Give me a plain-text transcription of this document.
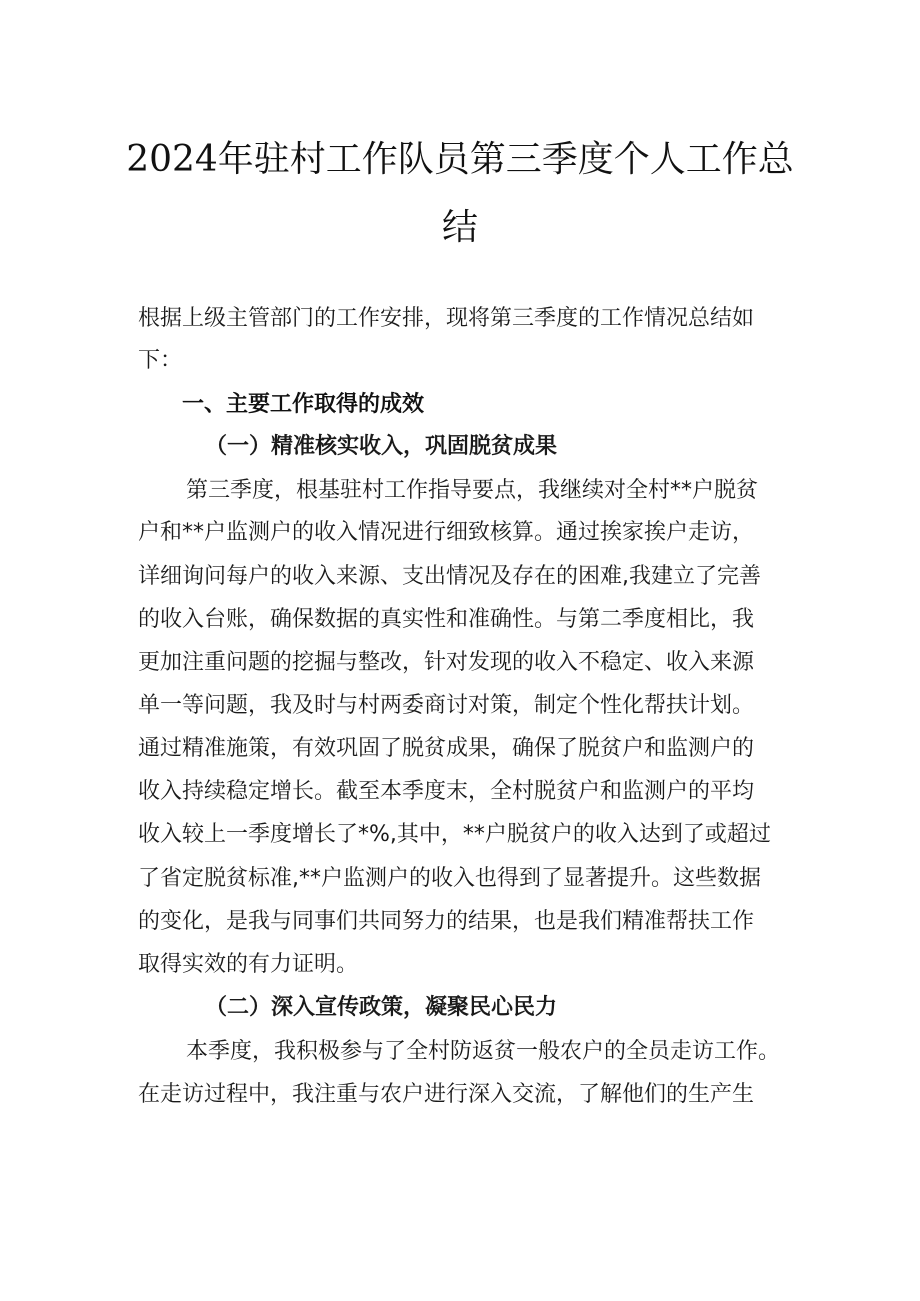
2024年驻村工作队员第三季度个人工作总
结

根据上级主管部门的工作安排，现将第三季度的工作情况总结如

下：

一、主要工作取得的成效
（一）精准核实收入，巩固脱贫成果

第三季度，根基驻村工作指导要点，我继续对全村**户脱贫

户和**户监测户的收入情况进行细致核算。通过挨家挨户走访，

详细询问每户的收入来源、支出情况及存在的困难,我建立了完善

的收入台账，确保数据的真实性和准确性。与第二季度相比，我

更加注重问题的挖掘与整改，针对发现的收入不稳定、收入来源

单一等问题，我及时与村两委商讨对策，制定个性化帮扶计划。

通过精准施策，有效巩固了脱贫成果，确保了脱贫户和监测户的

收入持续稳定增长。截至本季度末，全村脱贫户和监测户的平均

收入较上一季度增长了*%,其中，**户脱贫户的收入达到了或超过

了省定脱贫标准,**户监测户的收入也得到了显著提升。这些数据

的变化，是我与同事们共同努力的结果，也是我们精准帮扶工作

取得实效的有力证明。

（二）深入宣传政策，凝聚民心民力

本季度，我积极参与了全村防返贫一般农户的全员走访工作。

在走访过程中，我注重与农户进行深入交流，了解他们的生产生
